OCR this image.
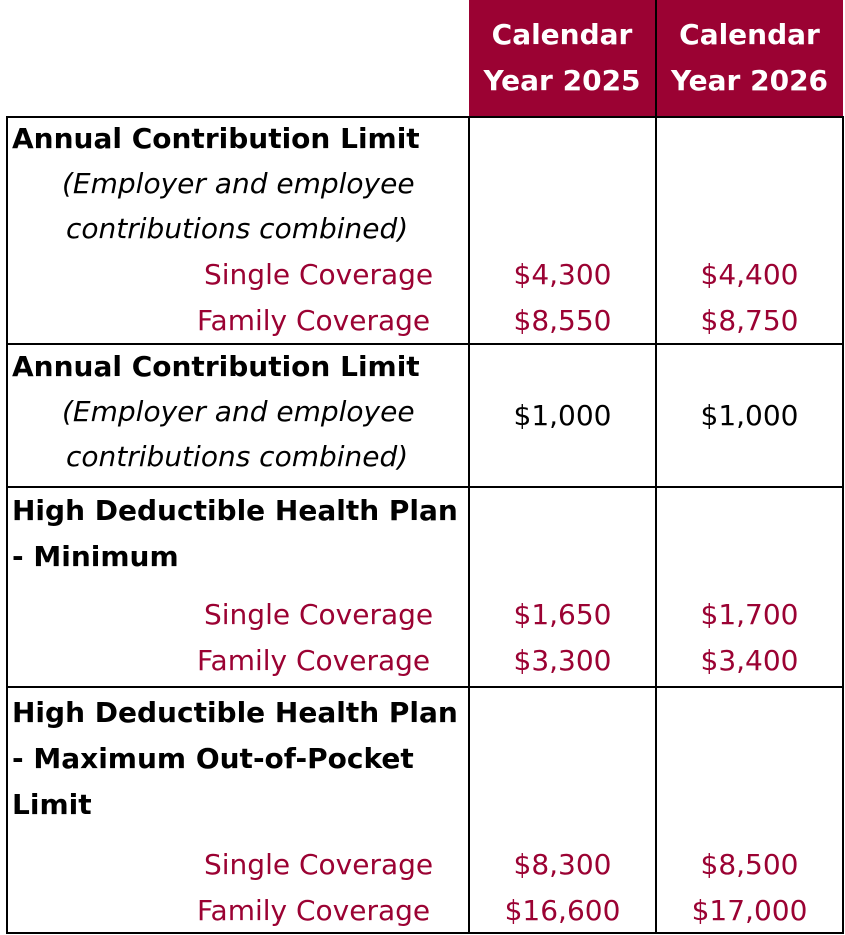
Calendar
Year 2025
Calendar
Year 2026
Annual Contribution Limit
(Employer and employee
contributions combined)
Single Coverage
Family Coverage
$4,300
$8,550
$4,400
$8,750
Annual Contribution Limit
(Employer and employee
contributions combined)
$1,000	$1,000
High Deductible Health Plan
- Minimum
Single Coverage
Family Coverage
$1,650
$3,300
$1,700
$3,400
High Deductible Health Plan
- Maximum Out-of-Pocket
Limit
Single Coverage
Family Coverage
$8,300
$16,600
$8,500
$17,000
